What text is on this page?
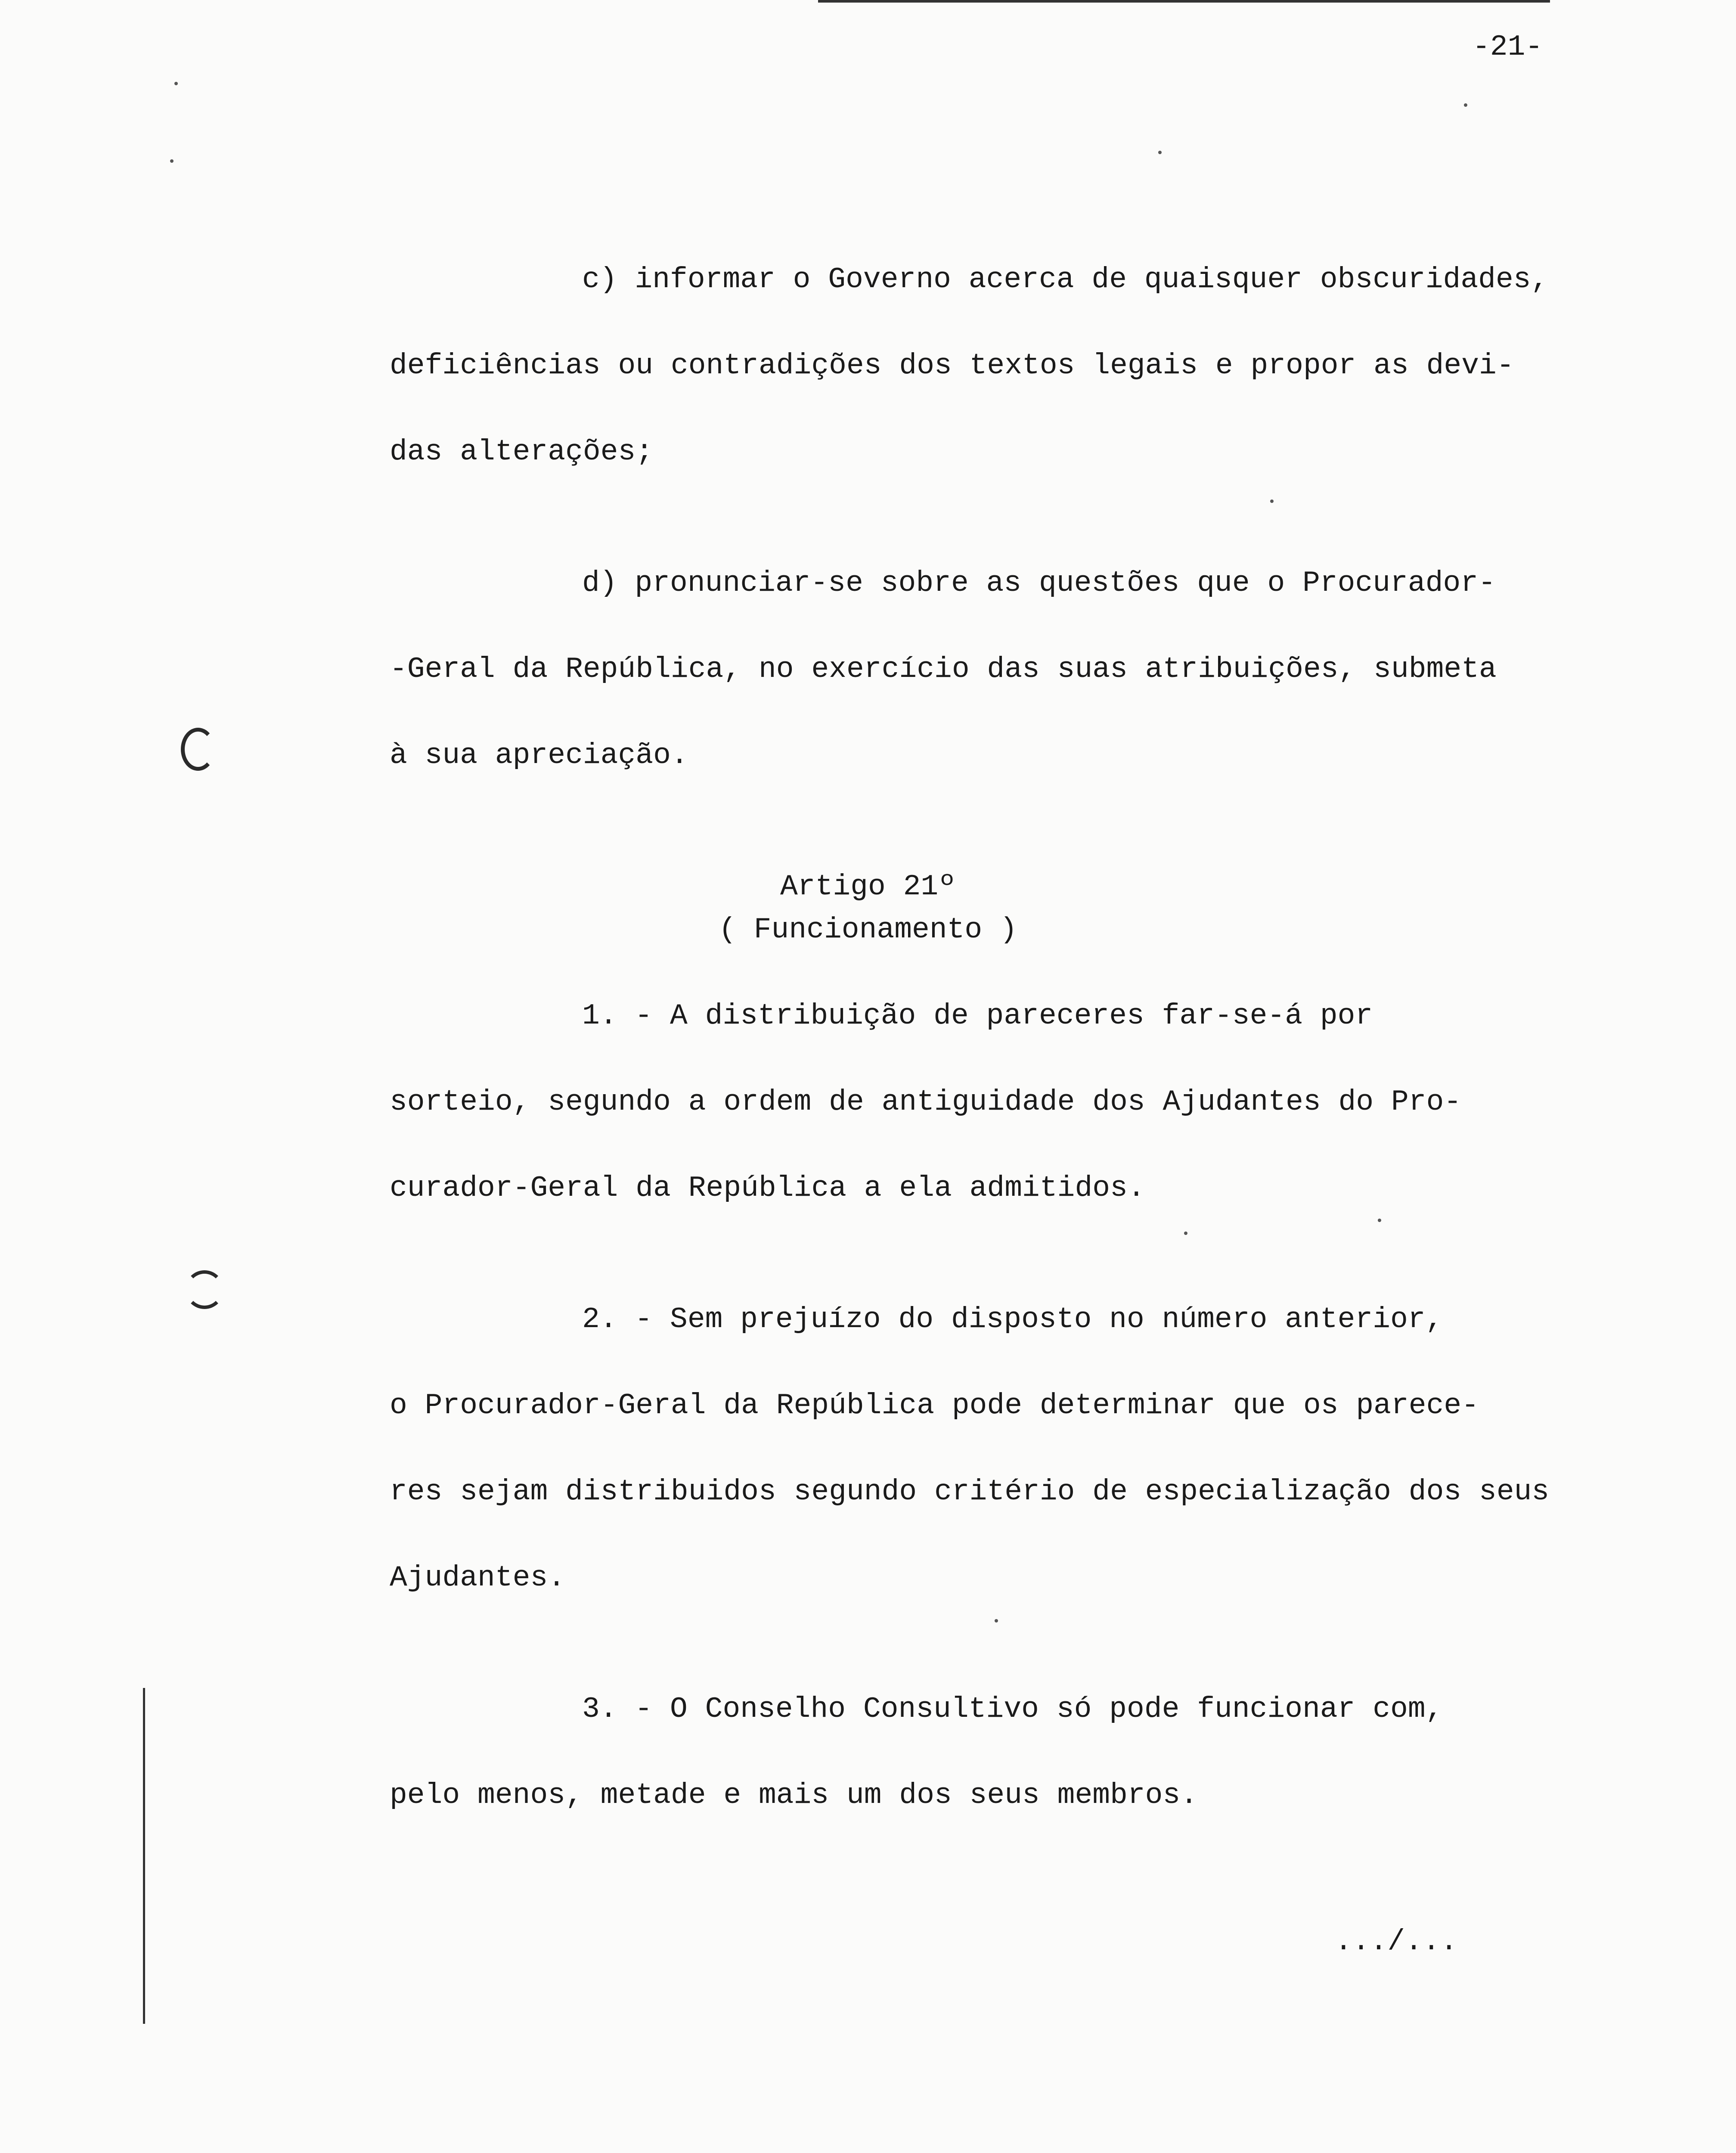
-21-
c) informar o Governo acerca de quaisquer obscuridades,
deficiências ou contradições dos textos legais e propor as devi-
das alterações;
d) pronunciar-se sobre as questões que o Procurador-
-Geral da República, no exercício das suas atribuições, submeta
à sua apreciação.
Artigo 21º
( Funcionamento )
1. - A distribuição de pareceres far-se-á por
sorteio, segundo a ordem de antiguidade dos Ajudantes do Pro-
curador-Geral da República a ela admitidos.
2. - Sem prejuízo do disposto no número anterior,
o Procurador-Geral da República pode determinar que os parece-
res sejam distribuidos segundo critério de especialização dos seus
Ajudantes.
3. - O Conselho Consultivo só pode funcionar com,
pelo menos, metade e mais um dos seus membros.
.../...
